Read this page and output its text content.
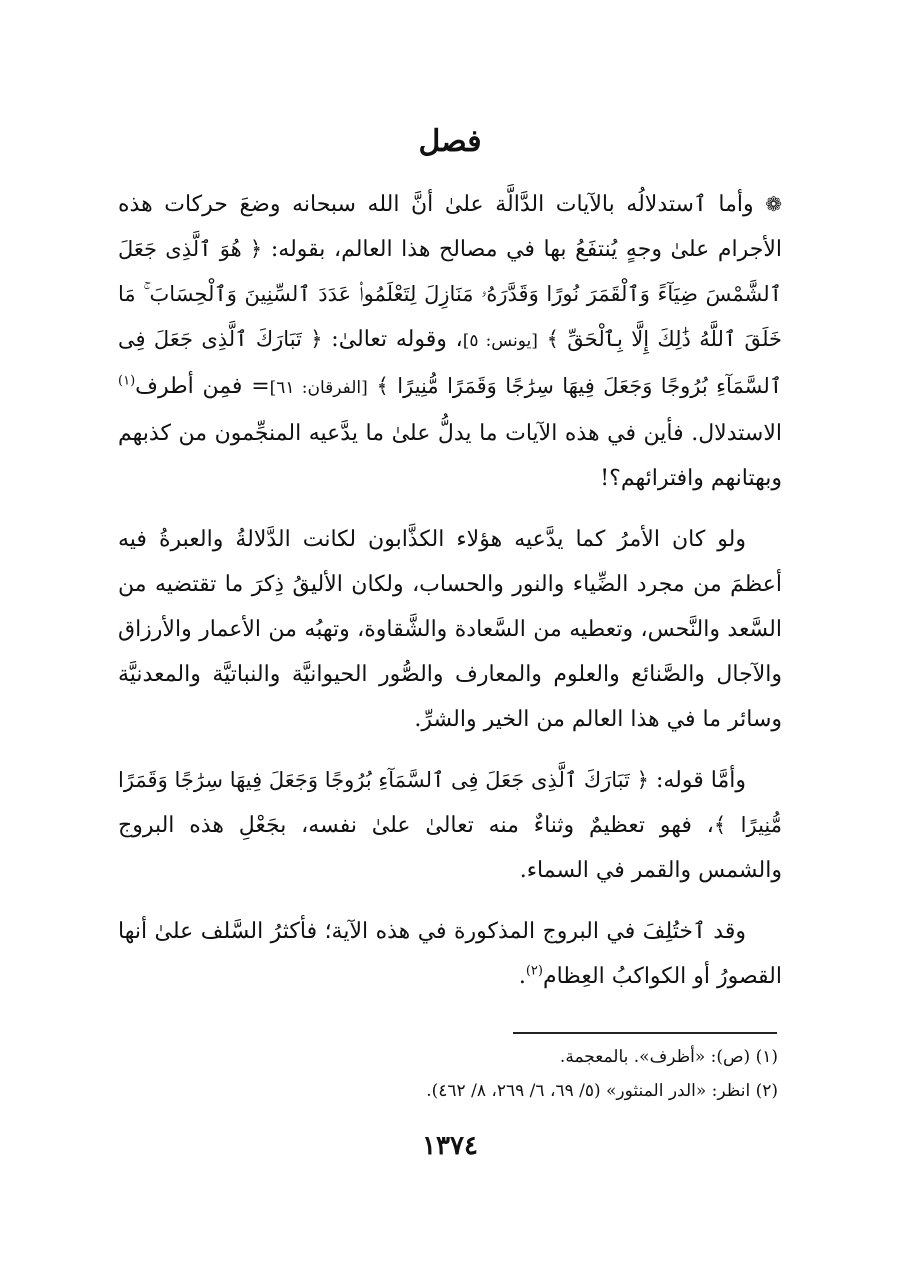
فصل

❁ وأما ٱستدلالُه بالآيات الدَّالَّة علىٰ أنَّ الله سبحانه وضعَ حركات هذه الأجرام علىٰ وجهٍ يُنتفَعُ بها في مصالح هذا العالم، بقوله: ﴿ هُوَ ٱلَّذِى جَعَلَ ٱلشَّمْسَ ضِيَآءً وَٱلْقَمَرَ نُورًا وَقَدَّرَهُۥ مَنَازِلَ لِتَعْلَمُوا۟ عَدَدَ ٱلسِّنِينَ وَٱلْحِسَابَ ۚ مَا خَلَقَ ٱللَّهُ ذَٰلِكَ إِلَّا بِٱلْحَقِّ ﴾ [يونس: ٥]، وقوله تعالىٰ: ﴿ تَبَارَكَ ٱلَّذِى جَعَلَ فِى ٱلسَّمَآءِ بُرُوجًا وَجَعَلَ فِيهَا سِرَٰجًا وَقَمَرًا مُّنِيرًا ﴾ [الفرقان: ٦١]= فمِن أطرف$^{(١)}$ الاستدلال. فأين في هذه الآيات ما يدلُّ علىٰ ما يدَّعيه المنجِّمون من كذبهم وبهتانهم وافترائهم؟!

ولو كان الأمرُ كما يدَّعيه هؤلاء الكذَّابون لكانت الدَّلالةُ والعبرةُ فيه أعظمَ من مجرد الضِّياء والنور والحساب، ولكان الأليقُ ذِكرَ ما تقتضيه من السَّعد والنَّحس، وتعطيه من السَّعادة والشَّقاوة، وتهبُه من الأعمار والأرزاق والآجال والصَّنائع والعلوم والمعارف والصُّور الحيوانيَّة والنباتيَّة والمعدنيَّة وسائر ما في هذا العالم من الخير والشرِّ.

وأمَّا قوله: ﴿ تَبَارَكَ ٱلَّذِى جَعَلَ فِى ٱلسَّمَآءِ بُرُوجًا وَجَعَلَ فِيهَا سِرَٰجًا وَقَمَرًا مُّنِيرًا ﴾، فهو تعظيمٌ وثناءٌ منه تعالىٰ علىٰ نفسه، بجَعْلِ هذه البروج والشمس والقمر في السماء.

وقد ٱختُلِفَ في البروج المذكورة في هذه الآية؛ فأكثرُ السَّلف علىٰ أنها القصورُ أو الكواكبُ العِظام$^{(٢)}$.

(١) (ص): «أظرف». بالمعجمة.

(٢) انظر: «الدر المنثور» (٥/ ٦٩، ٦/ ٢٦٩، ٨/ ٤٦٢).

١٣٧٤
